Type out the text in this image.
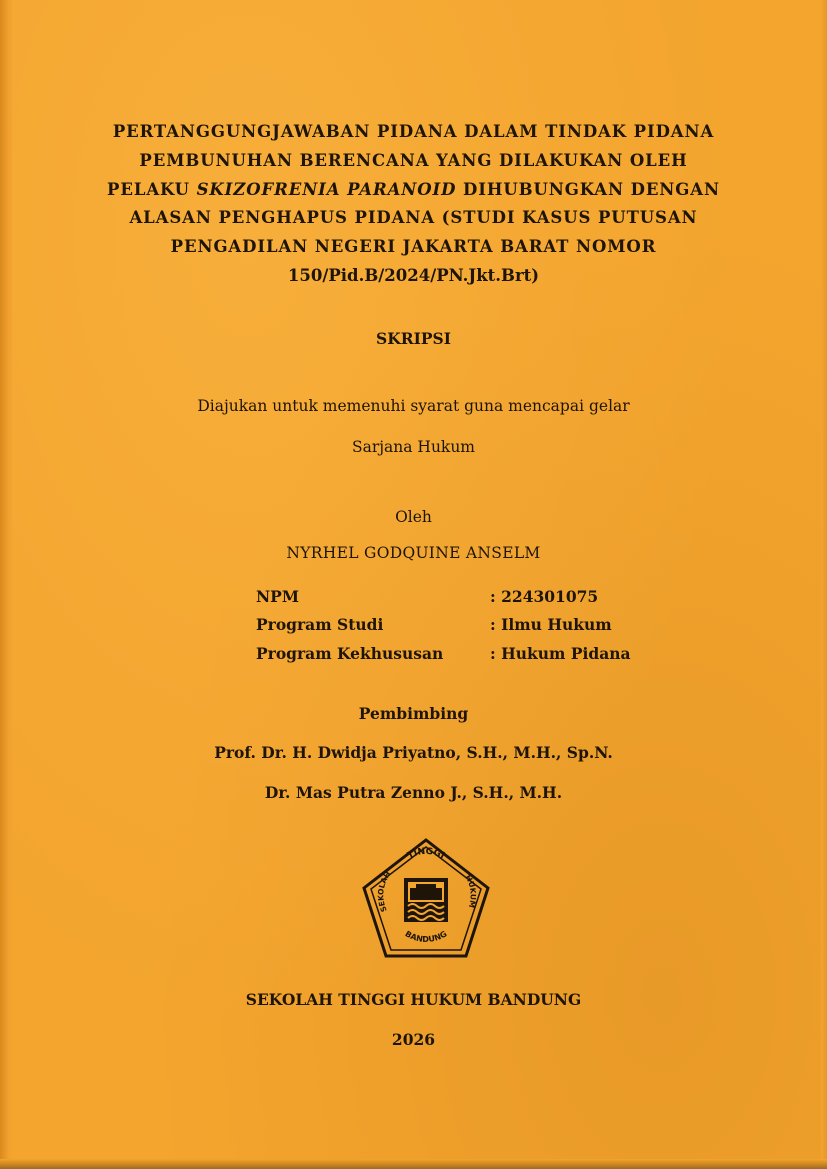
PERTANGGUNGJAWABAN PIDANA DALAM TINDAK PIDANA
PEMBUNUHAN BERENCANA YANG DILAKUKAN OLEH
PELAKU SKIZOFRENIA PARANOID DIHUBUNGKAN DENGAN
ALASAN PENGHAPUS PIDANA (STUDI KASUS PUTUSAN
PENGADILAN NEGERI JAKARTA BARAT NOMOR
150/Pid.B/2024/PN.Jkt.Brt)
SKRIPSI
Diajukan untuk memenuhi syarat guna mencapai gelar
Sarjana Hukum
Oleh
NYRHEL GODQUINE ANSELM
NPM	: 224301075
Program Studi	: Ilmu Hukum
Program Kekhususan	: Hukum Pidana
Pembimbing
Prof. Dr. H. Dwidja Priyatno, S.H., M.H., Sp.N.
Dr. Mas Putra Zenno J., S.H., M.H.
TINGGI
SEKOLAH	HUKUM
BANDUNG
SEKOLAH TINGGI HUKUM BANDUNG
2026
